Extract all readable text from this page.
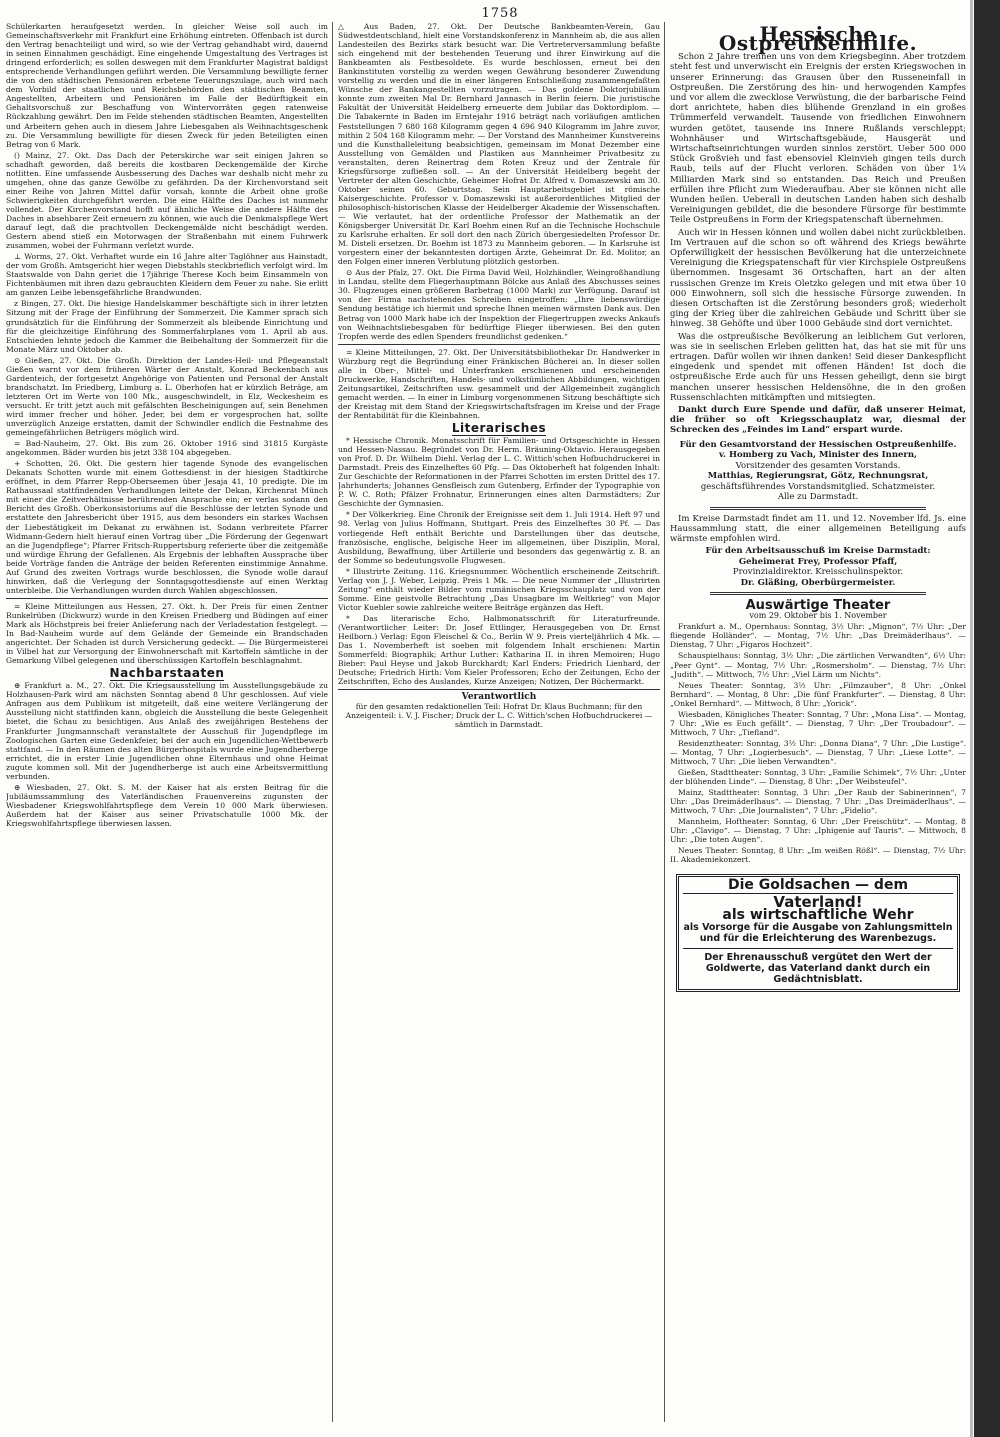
1758

Schülerkarten heraufgesetzt werden. In gleicher Weise soll auch im Gemeinschaftsverkehr mit Frankfurt eine Erhöhung eintreten. Offenbach ist durch den Vertrag benachteiligt und wird, so wie der Vertrag gehandhabt wird, dauernd in seinen Einnahmen geschädigt. Eine eingehende Umgestaltung des Vertrages ist dringend erforderlich; es sollen deswegen mit dem Frankfurter Magistrat baldigst entsprechende Verhandlungen geführt werden. Die Versammlung bewilligte ferner die von den städtischen Pensionären erbetene Teuerungszulage, auch wird nach dem Vorbild der staatlichen und Reichsbehörden den städtischen Beamten, Angestellten, Arbeitern und Pensionären im Falle der Bedürftigkeit ein Gehaltsvorschuß zur Beschaffung von Wintervorräten gegen ratenweise Rückzahlung gewährt. Den im Felde stehenden städtischen Beamten, Angestellten und Arbeitern gehen auch in diesem Jahre Liebesgaben als Weihnachtsgeschenk zu. Die Versammlung bewilligte für diesen Zweck für jeden Beteiligten einen Betrag von 6 Mark.

() Mainz, 27. Okt. Das Dach der Peterskirche war seit einigen Jahren so schadhaft geworden, daß bereits die kostbaren Deckengemälde der Kirche notlitten. Eine umfassende Ausbesserung des Daches war deshalb nicht mehr zu umgehen, ohne das ganze Gewölbe zu gefährden. Da der Kirchenvorstand seit einer Reihe von Jahren Mittel dafür vorsah, konnte die Arbeit ohne große Schwierigkeiten durchgeführt werden. Die eine Hälfte des Daches ist nunmehr vollendet. Der Kirchenvorstand hofft auf ähnliche Weise die andere Hälfte des Daches in absehbarer Zeit erneuern zu können, wie auch die Denkmalspflege Wert darauf legt, daß die prachtvollen Deckengemälde nicht beschädigt werden. Gestern abend stieß ein Motorwagen der Straßenbahn mit einem Fuhrwerk zusammen, wobei der Fuhrmann verletzt wurde.

⊥ Worms, 27. Okt. Verhaftet wurde ein 16 Jahre alter Taglöhner aus Hainstadt, der vom Großh. Amtsgericht hier wegen Diebstahls steckbrieflich verfolgt wird. Im Staatswalde von Dahn geriet die 17jährige Therese Koch beim Einsammeln von Fichtenbäumen mit ihren dazu gebrauchten Kleidern dem Feuer zu nahe. Sie erlitt am ganzen Leibe lebensgefährliche Brandwunden.

z Bingen, 27. Okt. Die hiesige Handelskammer beschäftigte sich in ihrer letzten Sitzung mit der Frage der Einführung der Sommerzeit. Die Kammer sprach sich grundsätzlich für die Einführung der Sommerzeit als bleibende Einrichtung und für die gleichzeitige Einführung des Sommerfahrplanes vom 1. April ab aus. Entschieden lehnte jedoch die Kammer die Beibehaltung der Sommerzeit für die Monate März und Oktober ab.

⊙ Gießen, 27. Okt. Die Großh. Direktion der Landes-Heil- und Pflegeanstalt Gießen warnt vor dem früheren Wärter der Anstalt, Konrad Beckenbach aus Gardenteich, der fortgesetzt Angehörige von Patienten und Personal der Anstalt brandschatzt. Im Friedberg, Limburg a. L. Oberhofen hat er kürzlich Beträge, am letzteren Ort im Werte von 100 Mk., ausgeschwindelt, in Elz, Weckesheim es versucht. Er tritt jetzt auch mit gefälschten Bescheinigungen auf, sein Benehmen wird immer frecher und höher. Jeder, bei dem er vorgesprochen hat, sollte unverzüglich Anzeige erstatten, damit der Schwindler endlich die Festnahme des gemeingefährlichen Betrügers möglich wird.

= Bad-Nauheim, 27. Okt. Bis zum 26. Oktober 1916 sind 31815 Kurgäste angekommen. Bäder wurden bis jetzt 338 104 abgegeben.

+ Schotten, 26. Okt. Die gestern hier tagende Synode des evangelischen Dekanats Schotten wurde mit einem Gottesdienst in der hiesigen Stadtkirche eröffnet, in dem Pfarrer Repp-Oberseemen über Jesaja 41, 10 predigte. Die im Rathaussaal stattfindenden Verhandlungen leitete der Dekan, Kirchenrat Münch mit einer die Zeitverhältnisse berührenden Ansprache ein; er verlas sodann den Bericht des Großh. Oberkonsistoriums auf die Beschlüsse der letzten Synode und erstattete den Jahresbericht über 1915, aus dem besonders ein starkes Wachsen der Liebestätigkeit im Dekanat zu erwähnen ist. Sodann verbreitete Pfarrer Widmann-Gedern hielt hierauf einen Vortrag über „Die Förderung der Gegenwart an die Jugendpflege“; Pfarrer Fritsch-Ruppertsburg referierte über die zeitgemäße und würdige Ehrung der Gefallenen. Als Ergebnis der lebhaften Aussprache über beide Vorträge fanden die Anträge der beiden Referenten einstimmige Annahme. Auf Grund des zweiten Vortrags wurde beschlossen, die Synode wolle darauf hinwirken, daß die Verlegung der Sonntagsgottesdienste auf einen Werktag unterbleibe. Die Verhandlungen wurden durch Wahlen abgeschlossen.

= Kleine Mitteilungen aus Hessen, 27. Okt. h. Der Preis für einen Zentner Runkelrüben (Dickwurz) wurde in den Kreisen Friedberg und Büdingen auf einer Mark als Höchstpreis bei freier Anlieferung nach der Verladestation festgelegt. — In Bad-Nauheim wurde auf dem Gelände der Gemeinde ein Brandschaden angerichtet. Der Schaden ist durch Versicherung gedeckt. — Die Bürgermeisterei in Vilbel hat zur Versorgung der Einwohnerschaft mit Kartoffeln sämtliche in der Gemarkung Vilbel gelegenen und überschüssigen Kartoffeln beschlagnahmt.

Nachbarstaaten

⊕ Frankfurt a. M., 27. Okt. Die Kriegsausstellung im Ausstellungsgebäude zu Holzhausen-Park wird am nächsten Sonntag abend 8 Uhr geschlossen. Auf viele Anfragen aus dem Publikum ist mitgeteilt, daß eine weitere Verlängerung der Ausstellung nicht stattfinden kann, obgleich die Ausstellung die beste Gelegenheit bietet, die Schau zu besichtigen. Aus Anlaß des zweijährigen Bestehens der Frankfurter Jungmannschaft veranstaltete der Ausschuß für Jugendpflege im Zoologischen Garten eine Gedenkfeier, bei der auch ein Jugendlichen-Wettbewerb stattfand. — In den Räumen des alten Bürgerhospitals wurde eine Jugendherberge errichtet, die in erster Linie Jugendlichen ohne Elternhaus und ohne Heimat zugute kommen soll. Mit der Jugendherberge ist auch eine Arbeitsvermittlung verbunden.

⊕ Wiesbaden, 27. Okt. S. M. der Kaiser hat als ersten Beitrag für die Jubiläumssammlung des Vaterländischen Frauenvereins zugunsten der Wiesbadener Kriegswohlfahrtspflege dem Verein 10 000 Mark überwiesen. Außerdem hat der Kaiser aus seiner Privatschatulle 1000 Mk. der Kriegswohlfahrtspflege überwiesen lassen.

△ Aus Baden, 27. Okt. Der Deutsche Bankbeamten-Verein, Gau Südwestdeutschland, hielt eine Vorstandskonferenz in Mannheim ab, die aus allen Landesteilen des Bezirks stark besucht war. Die Vertreterversammlung befaßte sich eingehend mit der bestehenden Teuerung und ihrer Einwirkung auf die Bankbeamten als Festbesoldete. Es wurde beschlossen, erneut bei den Bankinstituten vorstellig zu werden wegen Gewährung besonderer Zuwendung vorstellig zu werden und die in einer längeren Entschließung zusammengefaßten Wünsche der Bankangestellten vorzutragen. — Das goldene Doktorjubiläum konnte zum zweiten Mal Dr. Bernhard Jannasch in Berlin feiern. Die juristische Fakultät der Universität Heidelberg erneuerte dem Jubilar das Doktordiplom. — Die Tabakernte in Baden im Erntejahr 1916 beträgt nach vorläufigen amtlichen Feststellungen 7 680 168 Kilogramm gegen 4 696 940 Kilogramm im Jahre zuvor, mithin 2 504 168 Kilogramm mehr. — Der Vorstand des Mannheimer Kunstvereins und die Kunsthalleleitung beabsichtigen, gemeinsam im Monat Dezember eine Ausstellung von Gemälden und Plastiken aus Mannheimer Privatbesitz zu veranstalten, deren Reinertrag dem Roten Kreuz und der Zentrale für Kriegsfürsorge zufließen soll. — An der Universität Heidelberg begeht der Vertreter der alten Geschichte, Geheimer Hofrat Dr. Alfred v. Domaszewski am 30. Oktober seinen 60. Geburtstag. Sein Hauptarbeitsgebiet ist römische Kaisergeschichte. Professor v. Domaszewski ist außerordentliches Mitglied der philosophisch-historischen Klasse der Heidelberger Akademie der Wissenschaften. — Wie verlautet, hat der ordentliche Professor der Mathematik an der Königsberger Universität Dr. Karl Boehm einen Ruf an die Technische Hochschule zu Karlsruhe erhalten. Er soll dort den nach Zürich übergesiedelten Professor Dr. M. Disteli ersetzen. Dr. Boehm ist 1873 zu Mannheim geboren. — In Karlsruhe ist vorgestern einer der bekanntesten dortigen Ärzte, Geheimrat Dr. Ed. Molitor, an den Folgen einer inneren Verblutung plötzlich gestorben.

⊙ Aus der Pfalz, 27. Okt. Die Firma David Weil, Holzhändler, Weingroßhandlung in Landau, stellte dem Fliegerhauptmann Bölcke aus Anlaß des Abschusses seines 30. Flugzeuges einen größeren Barbetrag (1000 Mark) zur Verfügung. Darauf ist von der Firma nachstehendes Schreiben eingetroffen: „Ihre liebenswürdige Sendung bestätige ich hiermit und spreche Ihnen meinen wärmsten Dank aus. Den Betrag von 1000 Mark habe ich der Inspektion der Fliegertruppen zwecks Ankaufs von Weihnachtsliebesgaben für bedürftige Flieger überwiesen. Bei den guten Tropfen werde des edlen Spenders freundlichst gedenken.“

= Kleine Mitteilungen, 27. Okt. Der Universitätsbibliothekar Dr. Handwerker in Würzburg regt die Begründung einer Fränkischen Bücherei an. In dieser sollen alle in Ober-, Mittel- und Unterfranken erschienenen und erscheinenden Druckwerke, Handschriften, Handels- und volkstümlichen Abbildungen, wichtigen Zeitungsartikel, Zeitschriften usw. gesammelt und der Allgemeinheit zugänglich gemacht werden. — In einer in Limburg vorgenommenen Sitzung beschäftigte sich der Kreistag mit dem Stand der Kriegswirtschaftsfragen im Kreise und der Frage der Rentabilität für die Kleinbahnen.

Literarisches

* Hessische Chronik. Monatsschrift für Familien- und Ortsgeschichte in Hessen und Hessen-Nassau. Begründet von Dr. Herm. Bräuning-Oktavio. Herausgegeben von Prof. D. Dr. Wilhelm Diehl. Verlag der L. C. Wittich'schen Hofbuchdruckerei in Darmstadt. Preis des Einzelheftes 60 Pfg. — Das Oktoberheft hat folgenden Inhalt: Zur Geschichte der Reformationen in der Pfarrei Schotten im ersten Drittel des 17. Jahrhunderts; Johannes Gensfleisch zum Gutenberg, Erfinder der Typographie von P. W. C. Roth; Pfälzer Frohnatur, Erinnerungen eines alten Darmstädters; Zur Geschichte der Gymnasien.

* Der Völkerkrieg. Eine Chronik der Ereignisse seit dem 1. Juli 1914. Heft 97 und 98. Verlag von Julius Hoffmann, Stuttgart. Preis des Einzelheftes 30 Pf. — Das vorliegende Heft enthält Berichte und Darstellungen über das deutsche, französische, englische, belgische Heer im allgemeinen, über Disziplin, Moral, Ausbildung, Bewaffnung, über Artillerie und besonders das gegenwärtig z. B. an der Somme so bedeutungsvolle Flugwesen.

* Illustrirte Zeitung. 116. Kriegsnummer. Wöchentlich erscheinende Zeitschrift. Verlag von J. J. Weber, Leipzig. Preis 1 Mk. — Die neue Nummer der „Illustrirten Zeitung“ enthält wieder Bilder vom rumänischen Kriegsschauplatz und von der Somme. Eine geistvolle Betrachtung „Das Unsagbare im Weltkrieg“ von Major Victor Kuebler sowie zahlreiche weitere Beiträge ergänzen das Heft.

* Das literarische Echo. Halbmonatsschrift für Literaturfreunde. (Verantwortlicher Leiter: Dr. Josef Ettlinger, Herausgegeben von Dr. Ernst Heilborn.) Verlag: Egon Fleischel & Co., Berlin W 9. Preis vierteljährlich 4 Mk. — Das 1. Novemberheft ist soeben mit folgendem Inhalt erschienen: Martin Sommerfeld: Biographik; Arthur Luther: Katharina II. in ihren Memoiren; Hugo Bieber: Paul Heyse und Jakob Burckhardt; Karl Enders: Friedrich Lienhard, der Deutsche; Friedrich Hirth: Vom Kieler Professoren; Echo der Zeitungen, Echo der Zeitschriften, Echo des Auslandes, Kurze Anzeigen; Notizen, Der Büchermarkt.

Verantwortlich

für den gesamten redaktionellen Teil: Hofrat Dr. Klaus Buchmann; für den Anzeigenteil: i. V. J. Fischer; Druck der L. C. Wittich'schen Hofbuchdruckerei — sämtlich in Darmstadt.

Hessische Ostpreußenhilfe.

Schon 2 Jahre trennen uns von dem Kriegsbeginn. Aber trotzdem steht fest und unverwischt ein Ereignis der ersten Kriegswochen in unserer Erinnerung: das Grausen über den Russeneinfall in Ostpreußen. Die Zerstörung des hin- und herwogenden Kampfes und vor allem die zwecklose Verwüstung, die der barbarische Feind dort anrichtete, haben dies blühende Grenzland in ein großes Trümmerfeld verwandelt. Tausende von friedlichen Einwohnern wurden getötet, tausende ins Innere Rußlands verschleppt; Wohnhäuser und Wirtschaftsgebäude, Hausgerät und Wirtschaftseinrichtungen wurden sinnlos zerstört. Ueber 500 000 Stück Großvieh und fast ebensoviel Kleinvieh gingen teils durch Raub, teils auf der Flucht verloren. Schäden von über 1¼ Milliarden Mark sind so entstanden. Das Reich und Preußen erfüllen ihre Pflicht zum Wiederaufbau. Aber sie können nicht alle Wunden heilen. Ueberall in deutschen Landen haben sich deshalb Vereinigungen gebildet, die die besondere Fürsorge für bestimmte Teile Ostpreußens in Form der Kriegspatenschaft übernehmen.

Auch wir in Hessen können und wollen dabei nicht zurückbleiben. Im Vertrauen auf die schon so oft während des Kriegs bewährte Opferwilligkeit der hessischen Bevölkerung hat die unterzeichnete Vereinigung die Kriegspatenschaft für vier Kirchspiele Ostpreußens übernommen. Insgesamt 36 Ortschaften, hart an der alten russischen Grenze im Kreis Oletzko gelegen und mit etwa über 10 000 Einwohnern, soll sich die hessische Fürsorge zuwenden. In diesen Ortschaften ist die Zerstörung besonders groß; wiederholt ging der Krieg über die zahlreichen Gebäude und Schritt über sie hinweg. 38 Gehöfte und über 1000 Gebäude sind dort vernichtet.

Was die ostpreußische Bevölkerung an leiblichem Gut verloren, was sie in seelischen Erleben gelitten hat, das hat sie mit für uns ertragen. Dafür wollen wir ihnen danken! Seid dieser Dankespflicht eingedenk und spendet mit offenen Händen! Ist doch die ostpreußische Erde auch für uns Hessen geheiligt, denn sie birgt manchen unserer hessischen Heldensöhne, die in den großen Russenschlachten mitkämpften und mitsiegten.

Dankt durch Eure Spende und dafür, daß unserer Heimat, die früher so oft Kriegsschauplatz war, diesmal der Schrecken des „Feindes im Land“ erspart wurde.

Für den Gesamtvorstand der Hessischen Ostpreußenhilfe.
v. Homberg zu Vach, Minister des Innern,
Vorsitzender des gesamten Vorstands.
Matthias, Regierungsrat, Götz, Rechnungsrat,
geschäftsführendes Vorstandsmitglied. Schatzmeister.
Alle zu Darmstadt.

Im Kreise Darmstadt findet am 11. und 12. November lfd. Js. eine Haussammlung statt, die einer allgemeinen Beteiligung aufs wärmste empfohlen wird.

Für den Arbeitsausschuß im Kreise Darmstadt:
Geheimerat Frey, Professor Pfaff,
Provinzialdirektor. Kreisschulinspektor.
Dr. Gläßing, Oberbürgermeister.
Auswärtige Theater
vom 29. Oktober bis 1. November

Frankfurt a. M., Opernhaus: Sonntag, 3½ Uhr: „Mignon“, 7½ Uhr: „Der fliegende Holländer“. — Montag, 7½ Uhr: „Das Dreimäderlhaus“. — Dienstag, 7 Uhr: „Figaros Hochzeit“.

Schauspielhaus: Sonntag, 3½ Uhr: „Die zärtlichen Verwandten“, 6½ Uhr: „Peer Gynt“. — Montag, 7½ Uhr: „Rosmersholm“. — Dienstag, 7½ Uhr: „Judith“. — Mittwoch, 7½ Uhr: „Viel Lärm um Nichts“.

Neues Theater: Sonntag, 3½ Uhr: „Filmzauber“, 8 Uhr: „Onkel Bernhard“. — Montag, 8 Uhr: „Die fünf Frankfurter“. — Dienstag, 8 Uhr: „Onkel Bernhard“. — Mittwoch, 8 Uhr: „Yorick“.

Wiesbaden, Königliches Theater: Sonntag, 7 Uhr: „Mona Lisa“. — Montag, 7 Uhr: „Wie es Euch gefällt“. — Dienstag, 7 Uhr: „Der Troubadour“. — Mittwoch, 7 Uhr: „Tiefland“.

Residenztheater: Sonntag, 3½ Uhr: „Donna Diana“, 7 Uhr: „Die Lustige“. — Montag, 7 Uhr: „Logierbesuch“. — Dienstag, 7 Uhr: „Liese Lotte“. — Mittwoch, 7 Uhr: „Die lieben Verwandten“.

Gießen, Stadttheater: Sonntag, 3 Uhr: „Familie Schimek“, 7½ Uhr: „Unter der blühenden Linde“. — Dienstag, 8 Uhr: „Der Weibsteufel“.

Mainz, Stadttheater: Sonntag, 3 Uhr: „Der Raub der Sabinerinnen“, 7 Uhr: „Das Dreimäderlhaus“. — Dienstag, 7 Uhr: „Das Dreimäderlhaus“. — Mittwoch, 7 Uhr: „Die Journalisten“, 7 Uhr: „Fidelio“.

Mannheim, Hoftheater: Sonntag, 6 Uhr: „Der Freischütz“. — Montag, 8 Uhr: „Clavigo“. — Dienstag, 7 Uhr: „Iphigenie auf Tauris“. — Mittwoch, 8 Uhr: „Die toten Augen“.

Neues Theater: Sonntag, 8 Uhr: „Im weißen Rößl“. — Dienstag, 7½ Uhr: II. Akademiekonzert.

Die Goldsachen — dem
Vaterland!
als wirtschaftliche Wehr
als Vorsorge für die Ausgabe von Zahlungsmitteln und für die Erleichterung des Warenbezugs.
Der Ehrenausschuß vergütet den Wert der Goldwerte, das Vaterland dankt durch ein Gedächtnisblatt.
